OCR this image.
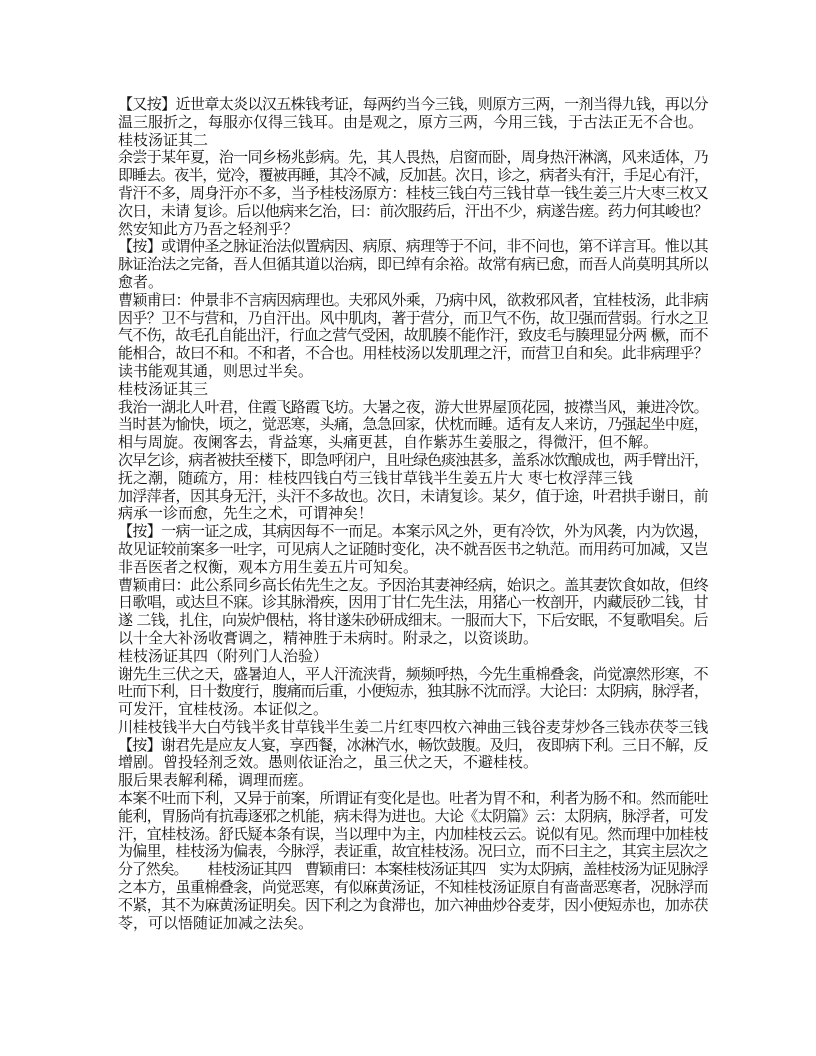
【又按】近世章太炎以汉五株钱考证，每两约当今三钱，则原方三两，一剂当得九钱，再以分
温三服折之，每服亦仅得三钱耳。由是观之，原方三两，今用三钱，于古法正无不合也。
桂枝汤证其二
余尝于某年夏，治一同乡杨兆彭病。先，其人畏热，启窗而卧，周身热汗淋漓，风来适体，乃
即睡去。夜半，觉冷，覆被再睡，其冷不减，反加甚。次日，诊之，病者头有汗，手足心有汗，
背汗不多，周身汗亦不多，当予桂枝汤原方：桂枝三钱白芍三钱甘草一钱生姜三片大枣三枚又
次日，未请 复诊。后以他病来乞治，曰：前次服药后，汗出不少，病遂告瘥。药力何其峻也？
然安知此方乃吾之轻剂乎？
【按】或谓仲圣之脉证治法似置病因、病原、病理等于不问，非不问也，第不详言耳。惟以其
脉证治法之完备，吾人但循其道以治病，即已绰有余裕。故常有病已愈，而吾人尚莫明其所以
愈者。
曹颖甫曰：仲景非不言病因病理也。夫邪风外乘，乃病中风，欲救邪风者，宜桂枝汤，此非病
因乎？卫不与营和，乃自汗出。风中肌肉，著于营分，而卫气不伤，故卫强而营弱。行水之卫
气不伤，故毛孔自能出汗，行血之营气受困，故肌腠不能作汗，致皮毛与腠理显分两 橛，而不
能相合，故曰不和。不和者，不合也。用桂枝汤以发肌理之汗，而营卫自和矣。此非病理乎？
读书能观其通，则思过半矣。
桂枝汤证其三
我治一湖北人叶君，住霞飞路霞飞坊。大暑之夜，游大世界屋顶花园，披襟当风，兼进冷饮。
当时甚为愉快，顷之，觉恶寒，头痛，急急回家，伏枕而睡。适有友人来访，乃强起坐中庭，
相与周旋。夜阑客去，背益寒，头痛更甚，自作紫苏生姜服之，得微汗，但不解。
次早乞诊，病者被扶至楼下，即急呼闭户，且吐绿色痰浊甚多，盖系冰饮酿成也，两手臂出汗，
抚之潮，随疏方，用：桂枝四钱白芍三钱甘草钱半生姜五片大 枣七枚浮萍三钱
加浮萍者，因其身无汗，头汗不多故也。次日，未请复诊。某夕，值于途，叶君拱手谢日，前
病承一诊而愈，先生之术，可谓神矣！
【按】一病一证之成，其病因每不一而足。本案示风之外，更有冷饮，外为风袭，内为饮遏，
故见证较前案多一吐字，可见病人之证随时变化，决不就吾医书之轨范。而用药可加减，又岂
非吾医者之权衡，观本方用生姜五片可知矣。
曹颖甫曰：此公系同乡高长佑先生之友。予因治其妻神经病，始识之。盖其妻饮食如故，但终
日歌唱，或达旦不寐。诊其脉滑疾，因用丁甘仁先生法，用猪心一枚剖开，内藏辰砂二钱，甘
遂 二钱，扎住，向炭炉偎枯，将甘遂朱砂研成细末。一服而大下，下后安眠，不复歌唱矣。后
以十全大补汤收膏调之，精神胜于未病时。附录之，以资谈助。
桂枝汤证其四（附列门人治验）
谢先生三伏之天，盛暑迫人，平人汗流浃背，频频呼热，今先生重棉叠衾，尚觉凛然形寒，不
吐而下利，日十数度行，腹痛而后重，小便短赤，独其脉不沈而浮。大论曰：太阴病，脉浮者，
可发汗，宜桂枝汤。本证似之。
川桂枝钱半大白芍钱半炙甘草钱半生姜二片红枣四枚六神曲三钱谷麦芽炒各三钱赤茯苓三钱
【按】谢君先是应友人宴，享西餐，冰淋汽水，畅饮鼓腹。及归， 夜即病下利。三日不解，反
增剧。曾投轻剂乏效。愚则依证治之，虽三伏之天，不避桂枝。
服后果表解利稀，调理而瘥。
本案不吐而下利，又异于前案，所谓证有变化是也。吐者为胃不和，利者为肠不和。然而能吐
能利，胃肠尚有抗毒逐邪之机能，病未得为进也。大论《太阴篇》云：太阴病，脉浮者，可发
汗，宜桂枝汤。舒氏疑本条有误，当以理中为主，内加桂枝云云。说似有见。然而理中加桂枝
为偏里，桂枝汤为偏表，今脉浮，表证重，故宜桂枝汤。况曰立，而不曰主之，其宾主层次之
分了然矣。　　桂枝汤证其四　曹颖甫曰：本案桂枝汤证其四　实为太阴病，盖桂枝汤为证见脉浮
之本方，虽重棉叠衾，尚觉恶寒，有似麻黄汤证，不知桂枝汤证原自有啬啬恶寒者，况脉浮而
不紧，其不为麻黄汤证明矣。因下利之为食滞也，加六神曲炒谷麦芽，因小便短赤也，加赤茯
苓，可以悟随证加减之法矣。
